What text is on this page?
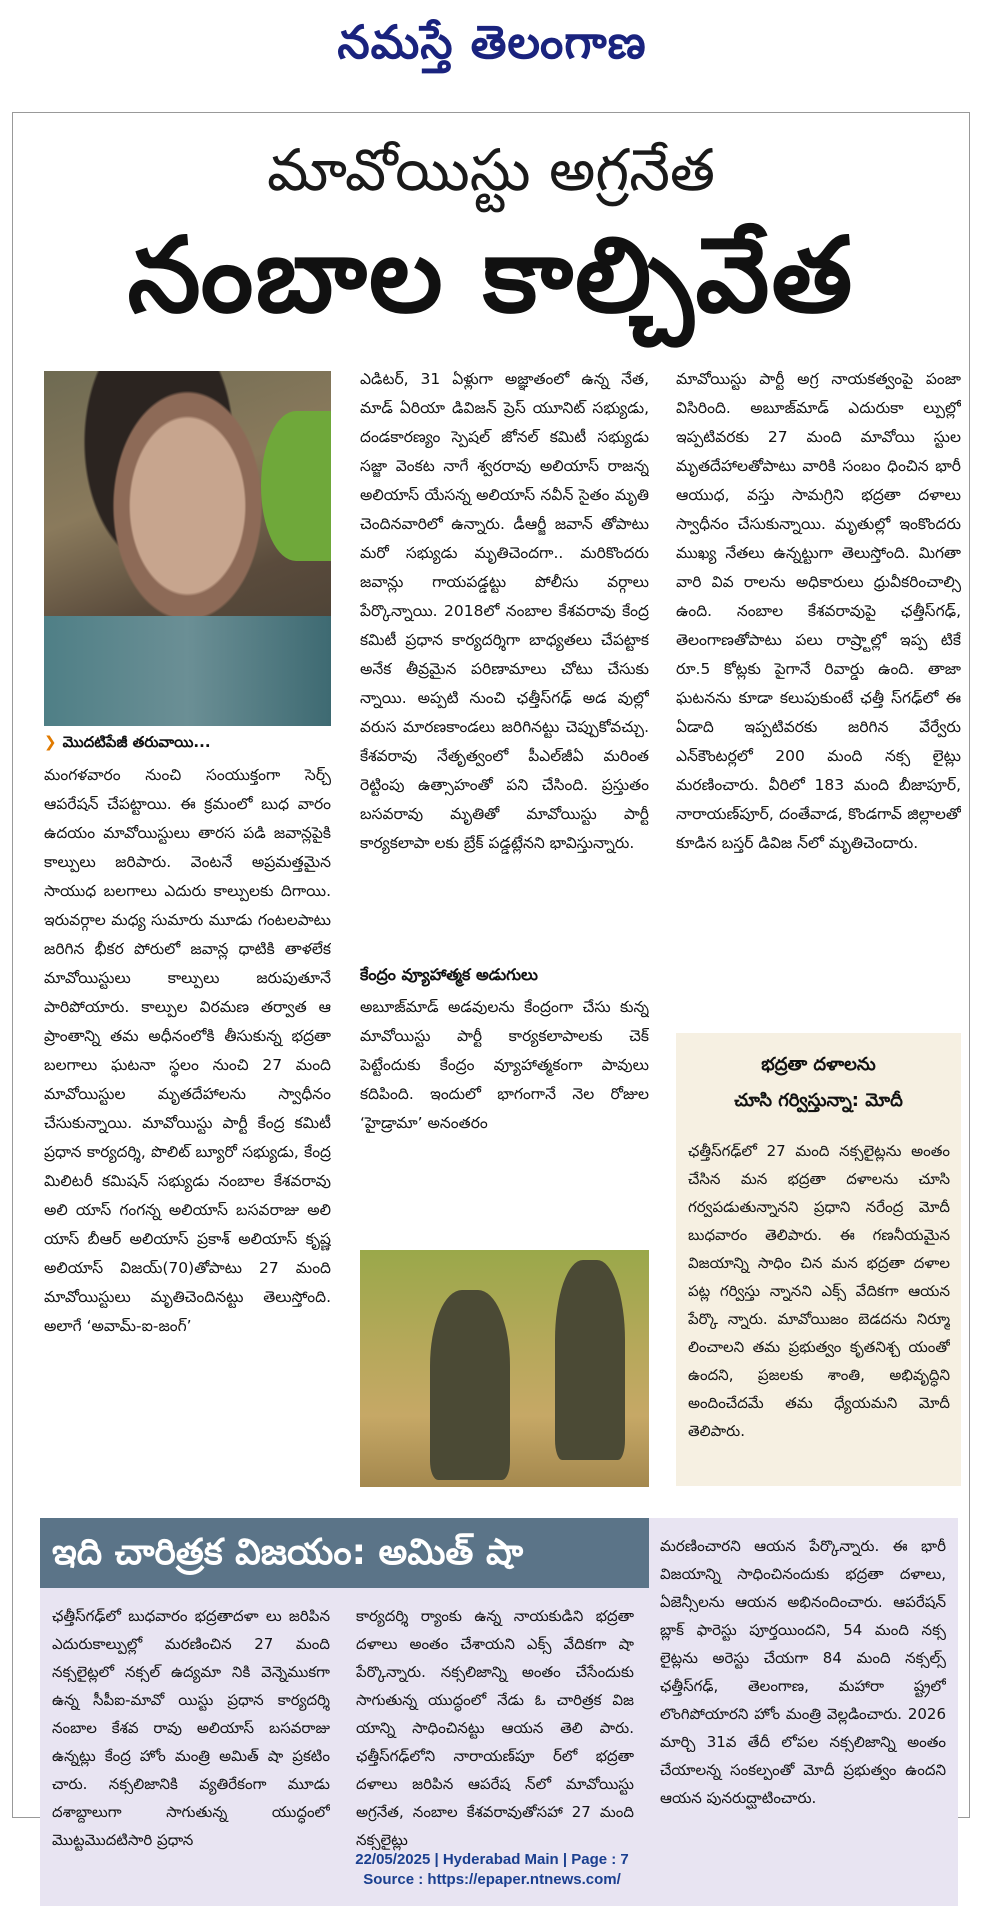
నమస్తే తెలంగాణ
మావోయిస్టు అగ్రనేత
నంబాల కాల్చివేత
❯ మొదటిపేజీ తరువాయి...
మంగళవారం నుంచి సంయుక్తంగా సెర్చ్ ఆపరేషన్ చేపట్టాయి. ఈ క్రమంలో బుధ వారం ఉదయం మావోయిస్టులు తారస పడి జవాన్లపైకి కాల్పులు జరిపారు. వెంటనే అప్రమత్తమైన సాయుధ బలగాలు ఎదురు కాల్పులకు దిగాయి. ఇరువర్గాల మధ్య సుమారు మూడు గంటలపాటు జరిగిన భీకర పోరులో జవాన్ల ధాటికి తాళలేక మావోయిస్టులు కాల్పులు జరుపుతూనే పారిపోయారు. కాల్పుల విరమణ తర్వాత ఆ ప్రాంతాన్ని తమ అధీనంలోకి తీసుకున్న భద్రతా బలగాలు ఘటనా స్థలం నుంచి 27 మంది మావోయిస్టుల మృతదేహాలను స్వాధీనం చేసుకున్నాయి. మావోయిస్టు పార్టీ కేంద్ర కమిటీ ప్రధాన కార్యదర్శి, పొలిట్ బ్యూరో సభ్యుడు, కేంద్ర మిలిటరీ కమిషన్ సభ్యుడు నంబాల కేశవరావు అలి యాస్ గంగన్న అలియాస్ బసవరాజు అలి యాస్ బీఆర్ అలియాస్ ప్రకాశ్ అలియాస్ కృష్ణ అలియాస్ విజయ్(70)తోపాటు 27 మంది మావోయిస్టులు మృతిచెందినట్టు తెలుస్తోంది. అలాగే ‘అవామ్-ఐ-జంగ్’
ఎడిటర్, 31 ఏళ్లుగా అజ్ఞాతంలో ఉన్న నేత, మాడ్ ఏరియా డివిజన్ ప్రెస్ యూనిట్ సభ్యుడు, దండకారణ్యం స్పెషల్ జోనల్ కమిటీ సభ్యుడు సజ్జా వెంకట నాగే శ్వరరావు అలియాస్ రాజన్న అలియాస్ యేసన్న అలియాస్ నవీన్ సైతం మృతి చెందినవారిలో ఉన్నారు. డీఆర్జీ జవాన్ తోపాటు మరో సభ్యుడు మృతిచెందగా.. మరికొందరు జవాన్లు గాయపడ్డట్టు పోలీసు వర్గాలు పేర్కొన్నాయి. 2018లో నంబాల కేశవరావు కేంద్ర కమిటీ ప్రధాన కార్యదర్శిగా బాధ్యతలు చేపట్టాక అనేక తీవ్రమైన పరిణామాలు చోటు చేసుకు న్నాయి. అప్పటి నుంచి ఛత్తీస్‌గఢ్ అడ వుల్లో వరుస మారణకాండలు జరిగినట్టు చెప్పుకోవచ్చు. కేశవరావు నేతృత్వంలో పీఎల్‌జీఏ మరింత రెట్టింపు ఉత్సాహంతో పని చేసింది. ప్రస్తుతం బసవరావు మృతితో మావోయిస్టు పార్టీ కార్యకలాపా లకు బ్రేక్ పడ్డట్లేనని భావిస్తున్నారు.
కేంద్రం వ్యూహాత్మక అడుగులు
అబూజ్‌మాడ్ అడవులను కేంద్రంగా చేసు కున్న మావోయిస్టు పార్టీ కార్యకలాపాలకు చెక్ పెట్టేందుకు కేంద్రం వ్యూహాత్మకంగా పావులు కదిపింది. ఇందులో భాగంగానే నెల రోజుల ‘హైడ్రామా’ అనంతరం
మావోయిస్టు పార్టీ అగ్ర నాయకత్వంపై పంజా విసిరింది. అబూజ్‌మాడ్ ఎదురుకా ల్పుల్లో ఇప్పటివరకు 27 మంది మావోయి స్టుల మృతదేహాలతోపాటు వారికి సంబం ధించిన భారీ ఆయుధ, వస్తు సామగ్రిని భద్రతా దళాలు స్వాధీనం చేసుకున్నాయి. మృతుల్లో ఇంకొందరు ముఖ్య నేతలు ఉన్నట్టుగా తెలుస్తోంది. మిగతా వారి వివ రాలను అధికారులు ధ్రువీకరించాల్సి ఉంది. నంబాల కేశవరావుపై ఛత్తీస్‌గఢ్, తెలంగాణతోపాటు పలు రాష్ర్టాల్లో ఇప్ప టికే రూ.5 కోట్లకు పైగానే రివార్డు ఉంది. తాజా ఘటనను కూడా కలుపుకుంటే ఛత్తీ స్‌గఢ్‌లో ఈ ఏడాది ఇప్పటివరకు జరిగిన వేర్వేరు ఎన్‌కౌంటర్లలో 200 మంది నక్స లైట్లు మరణించారు. వీరిలో 183 మంది బీజాపూర్, నారాయణ్‌పూర్, దంతేవాడ, కొండగావ్ జిల్లాలతో కూడిన బస్తర్ డివిజ న్‌లో మృతిచెందారు.
భద్రతా దళాలను
చూసి గర్విస్తున్నా: మోదీ
ఛత్తీస్‌గఢ్‌లో 27 మంది నక్సలైట్లను అంతం చేసిన మన భద్రతా దళాలను చూసి గర్వపడుతున్నానని ప్రధాని నరేంద్ర మోదీ బుధవారం తెలిపారు. ఈ గణనీయమైన విజయాన్ని సాధిం చిన మన భద్రతా దళాల పట్ల గర్విస్తు న్నానని ఎక్స్ వేదికగా ఆయన పేర్కొ న్నారు. మావోయిజం బెడదను నిర్మూ లించాలని తమ ప్రభుత్వం కృతనిశ్చ యంతో ఉందని, ప్రజలకు శాంతి, అభివృద్ధిని అందించేదమే తమ ధ్యేయమని మోదీ తెలిపారు.
ఇది చారిత్రక విజయం: అమిత్ షా
ఛత్తీస్‌గఢ్‌లో బుధవారం భద్రతాదళా లు జరిపిన ఎదురుకాల్పుల్లో మరణించిన 27 మంది నక్సలైట్లలో నక్సల్ ఉద్యమా నికి వెన్నెముకగా ఉన్న సీపీఐ-మావో యిస్టు ప్రధాన కార్యదర్శి నంబాల కేశవ రావు అలియాస్ బసవరాజు ఉన్నట్లు కేంద్ర హోం మంత్రి అమిత్ షా ప్రకటిం చారు. నక్సలిజానికి వ్యతిరేకంగా మూడు దశాబ్దాలుగా సాగుతున్న యుద్ధంలో మొట్టమొదటిసారి ప్రధాన
కార్యదర్శి ర్యాంకు ఉన్న నాయకుడిని భద్రతా దళాలు అంతం చేశాయని ఎక్స్ వేదికగా షా పేర్కొన్నారు. నక్సలిజాన్ని అంతం చేసేందుకు సాగుతున్న యుద్ధంలో నేడు ఓ చారిత్రక విజ యాన్ని సాధించినట్టు ఆయన తెలి పారు. ఛత్తీస్‌గఢ్‌లోని నారాయణ్‌పూ ర్‌లో భద్రతా దళాలు జరిపిన ఆపరేష న్‌లో మావోయిస్టు అగ్రనేత, నంబాల కేశవరావుతోసహా 27 మంది నక్సలైట్లు
మరణించారని ఆయన పేర్కొన్నారు. ఈ భారీ విజయాన్ని సాధించినందుకు భద్రతా దళాలు, ఏజెన్సీలను ఆయన అభినందించారు. ఆపరేషన్ బ్లాక్ ఫారెస్టు పూర్తయిందని, 54 మంది నక్స లైట్లను అరెస్టు చేయగా 84 మంది నక్సల్స్ ఛత్తీస్‌గఢ్, తెలంగాణ, మహారా ష్ట్రలో లొంగిపోయారని హోం మంత్రి వెల్లడించారు. 2026 మార్చి 31వ తేదీ లోపల నక్సలిజాన్ని అంతం చేయాలన్న సంకల్పంతో మోదీ ప్రభుత్వం ఉందని ఆయన పునరుద్ఘాటించారు.
22/05/2025 | Hyderabad Main | Page : 7
Source : https://epaper.ntnews.com/
